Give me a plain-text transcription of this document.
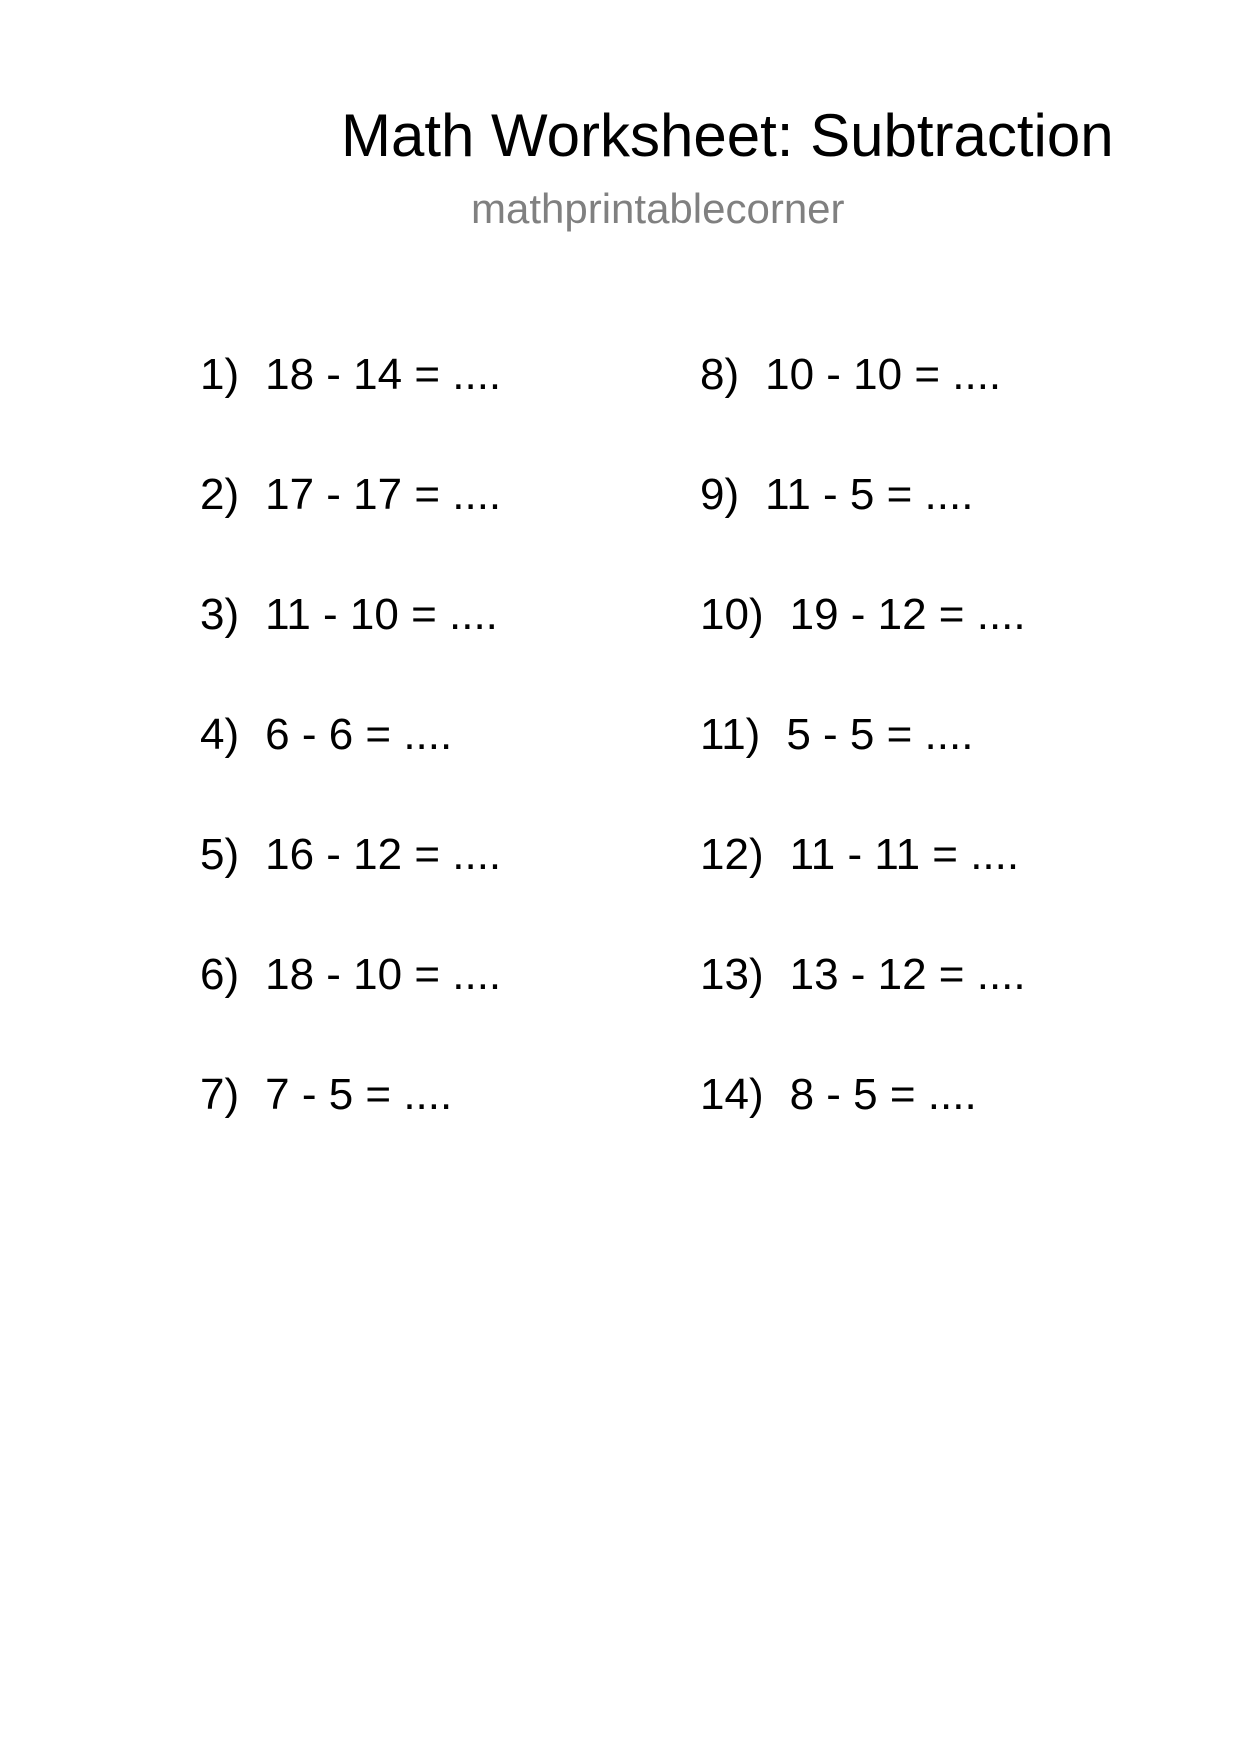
Math Worksheet: Subtraction
mathprintablecorner
1) 18 - 14 = ....
2) 17 - 17 = ....
3) 11 - 10 = ....
4) 6 - 6 = ....
5) 16 - 12 = ....
6) 18 - 10 = ....
7) 7 - 5 = ....
8) 10 - 10 = ....
9) 11 - 5 = ....
10) 19 - 12 = ....
11) 5 - 5 = ....
12) 11 - 11 = ....
13) 13 - 12 = ....
14) 8 - 5 = ....
